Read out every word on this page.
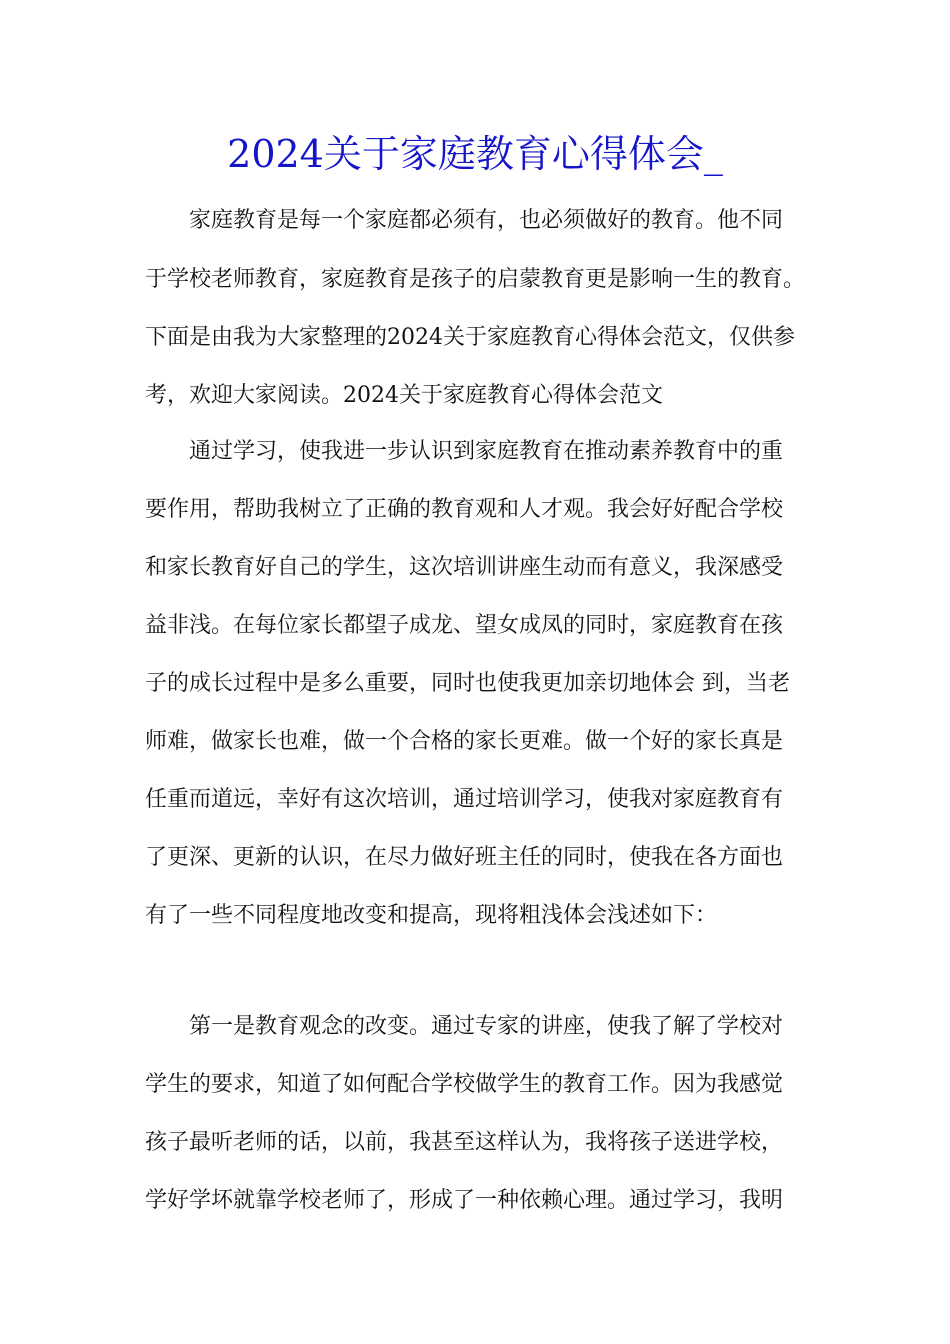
2024关于家庭教育心得体会_
家庭教育是每一个家庭都必须有，也必须做好的教育。他不同
于学校老师教育，家庭教育是孩子的启蒙教育更是影响一生的教育。
下面是由我为大家整理的2024关于家庭教育心得体会范文，仅供参
考，欢迎大家阅读。2024关于家庭教育心得体会范文
通过学习，使我进一步认识到家庭教育在推动素养教育中的重
要作用，帮助我树立了正确的教育观和人才观。我会好好配合学校
和家长教育好自己的学生，这次培训讲座生动而有意义，我深感受
益非浅。在每位家长都望子成龙、望女成凤的同时，家庭教育在孩
子的成长过程中是多么重要，同时也使我更加亲切地体会 到，当老
师难，做家长也难，做一个合格的家长更难。做一个好的家长真是
任重而道远，幸好有这次培训，通过培训学习，使我对家庭教育有
了更深、更新的认识，在尽力做好班主任的同时，使我在各方面也
有了一些不同程度地改变和提高，现将粗浅体会浅述如下：
第一是教育观念的改变。通过专家的讲座，使我了解了学校对
学生的要求，知道了如何配合学校做学生的教育工作。因为我感觉
孩子最听老师的话，以前，我甚至这样认为，我将孩子送进学校，
学好学坏就靠学校老师了，形成了一种依赖心理。通过学习，我明
